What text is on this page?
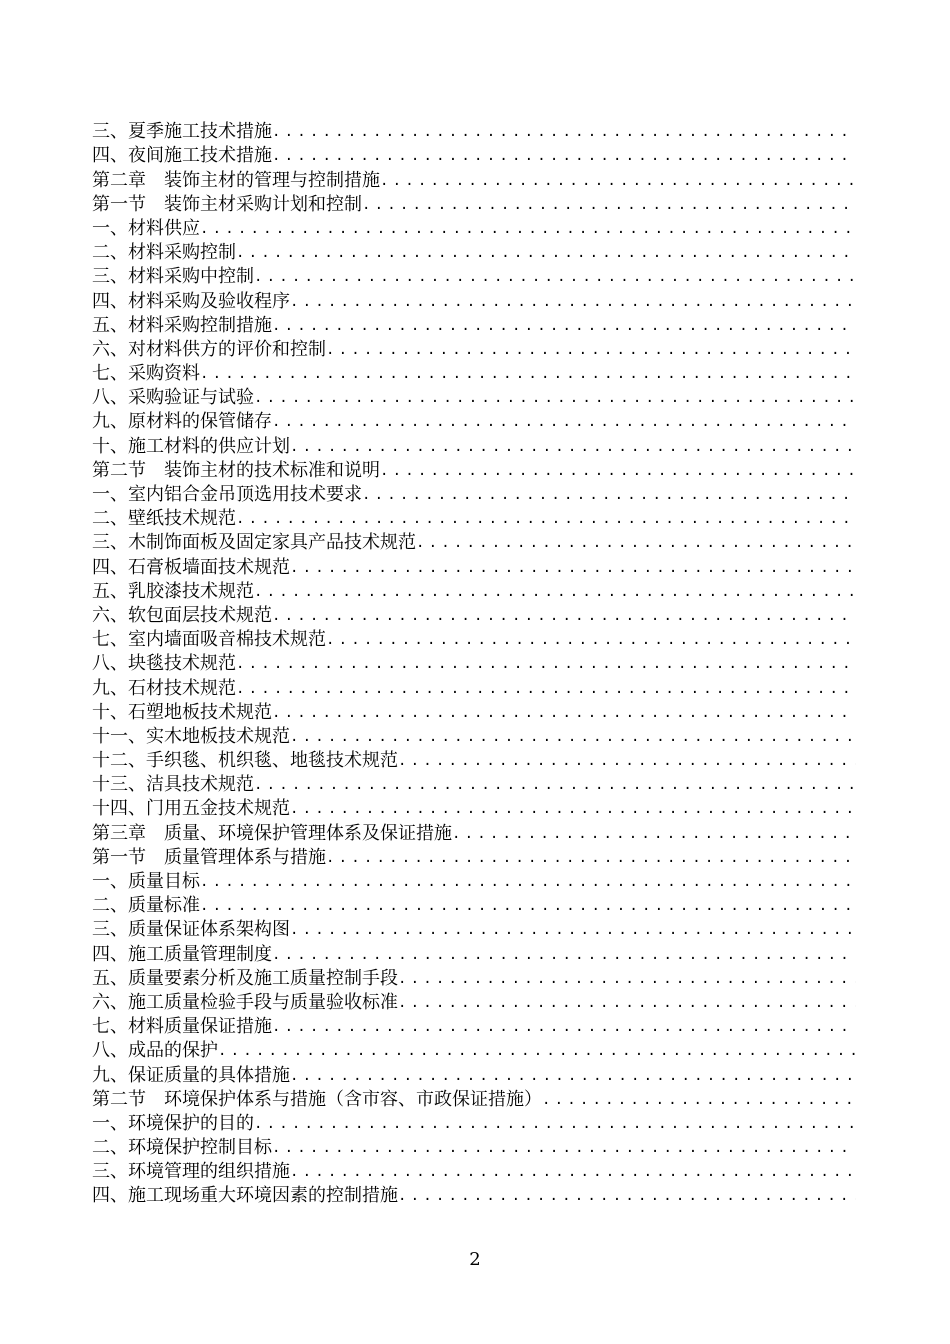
三、夏季施工技术措施
.....
四、夜间施工技术措施
.....
第二章　装饰主材的管理与控制措施
.....
第一节　装饰主材采购计划和控制
.....
一、材料供应
.....
二、材料采购控制
.....
三、材料采购中控制
.....
四、材料采购及验收程序
.....
五、材料采购控制措施
.....
六、对材料供方的评价和控制
.....
七、采购资料
.....
八、采购验证与试验
.....
九、原材料的保管储存
.....
十、施工材料的供应计划
.....
第二节　装饰主材的技术标准和说明
.....
一、室内铝合金吊顶选用技术要求
.....
二、壁纸技术规范
.....
三、木制饰面板及固定家具产品技术规范
.....
四、石膏板墙面技术规范
.....
五、乳胶漆技术规范
.....
六、软包面层技术规范
.....
七、室内墙面吸音棉技术规范
.....
八、块毯技术规范
.....
九、石材技术规范
.....
十、石塑地板技术规范
.....
十一、实木地板技术规范
.....
十二、手织毯、机织毯、地毯技术规范
.....
十三、洁具技术规范
.....
十四、门用五金技术规范
.....
第三章　质量、环境保护管理体系及保证措施
.....
第一节　质量管理体系与措施
.....
一、质量目标
.....
二、质量标准
.....
三、质量保证体系架构图
.....
四、施工质量管理制度
.....
五、质量要素分析及施工质量控制手段
.....
六、施工质量检验手段与质量验收标准
.....
七、材料质量保证措施
.....
八、成品的保护
.....
九、保证质量的具体措施
.....
第二节　环境保护体系与措施（含市容、市政保证措施）
.....
一、环境保护的目的
.....
二、环境保护控制目标
.....
三、环境管理的组织措施
.....
四、施工现场重大环境因素的控制措施
.....
2
